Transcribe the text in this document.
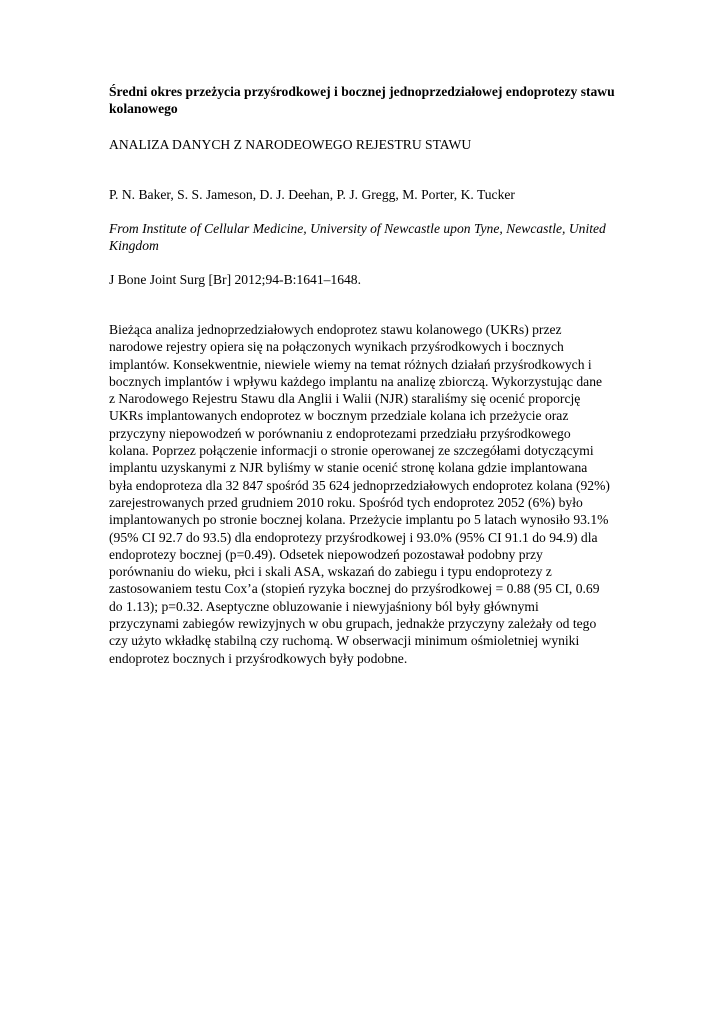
Średni okres przeżycia przyśrodkowej i bocznej jednoprzedziałowej endoprotezy stawu kolanowego

ANALIZA DANYCH Z NARODEOWEGO REJESTRU STAWU

P. N. Baker, S. S. Jameson, D. J. Deehan, P. J. Gregg, M. Porter, K. Tucker

From Institute of Cellular Medicine, University of Newcastle upon Tyne, Newcastle, United Kingdom

J Bone Joint Surg [Br] 2012;94-B:1641–1648.

Bieżąca analiza jednoprzedziałowych endoprotez stawu kolanowego (UKRs) przez narodowe rejestry opiera się na połączonych wynikach przyśrodkowych i bocznych implantów. Konsekwentnie, niewiele wiemy na temat różnych działań przyśrodkowych i bocznych implantów i wpływu każdego implantu na analizę zbiorczą. Wykorzystując dane z Narodowego Rejestru Stawu dla Anglii i Walii (NJR) staraliśmy się ocenić proporcję UKRs implantowanych endoprotez w bocznym przedziale kolana ich przeżycie oraz przyczyny niepowodzeń w porównaniu z endoprotezami przedziału przyśrodkowego kolana. Poprzez połączenie informacji o stronie operowanej ze szczegółami dotyczącymi implantu uzyskanymi z NJR byliśmy w stanie ocenić stronę kolana gdzie implantowana była endoproteza dla 32 847 spośród 35 624 jednoprzedziałowych endoprotez kolana (92%) zarejestrowanych przed grudniem 2010 roku. Spośród tych endoprotez 2052 (6%) było implantowanych po stronie bocznej kolana. Przeżycie implantu po 5 latach wynosiło 93.1% (95% CI 92.7 do 93.5) dla endoprotezy przyśrodkowej i 93.0% (95% CI 91.1 do 94.9) dla endoprotezy bocznej (p=0.49). Odsetek niepowodzeń pozostawał podobny przy porównaniu do wieku, płci i skali ASA, wskazań do zabiegu i typu endoprotezy z zastosowaniem testu Cox’a (stopień ryzyka bocznej do przyśrodkowej = 0.88 (95 CI, 0.69 do 1.13); p=0.32. Aseptyczne obluzowanie i niewyjaśniony ból były głównymi przyczynami zabiegów rewizyjnych w obu grupach, jednakże przyczyny zależały od tego czy użyto wkładkę stabilną czy ruchomą. W obserwacji minimum ośmioletniej wyniki endoprotez bocznych i przyśrodkowych były podobne.
